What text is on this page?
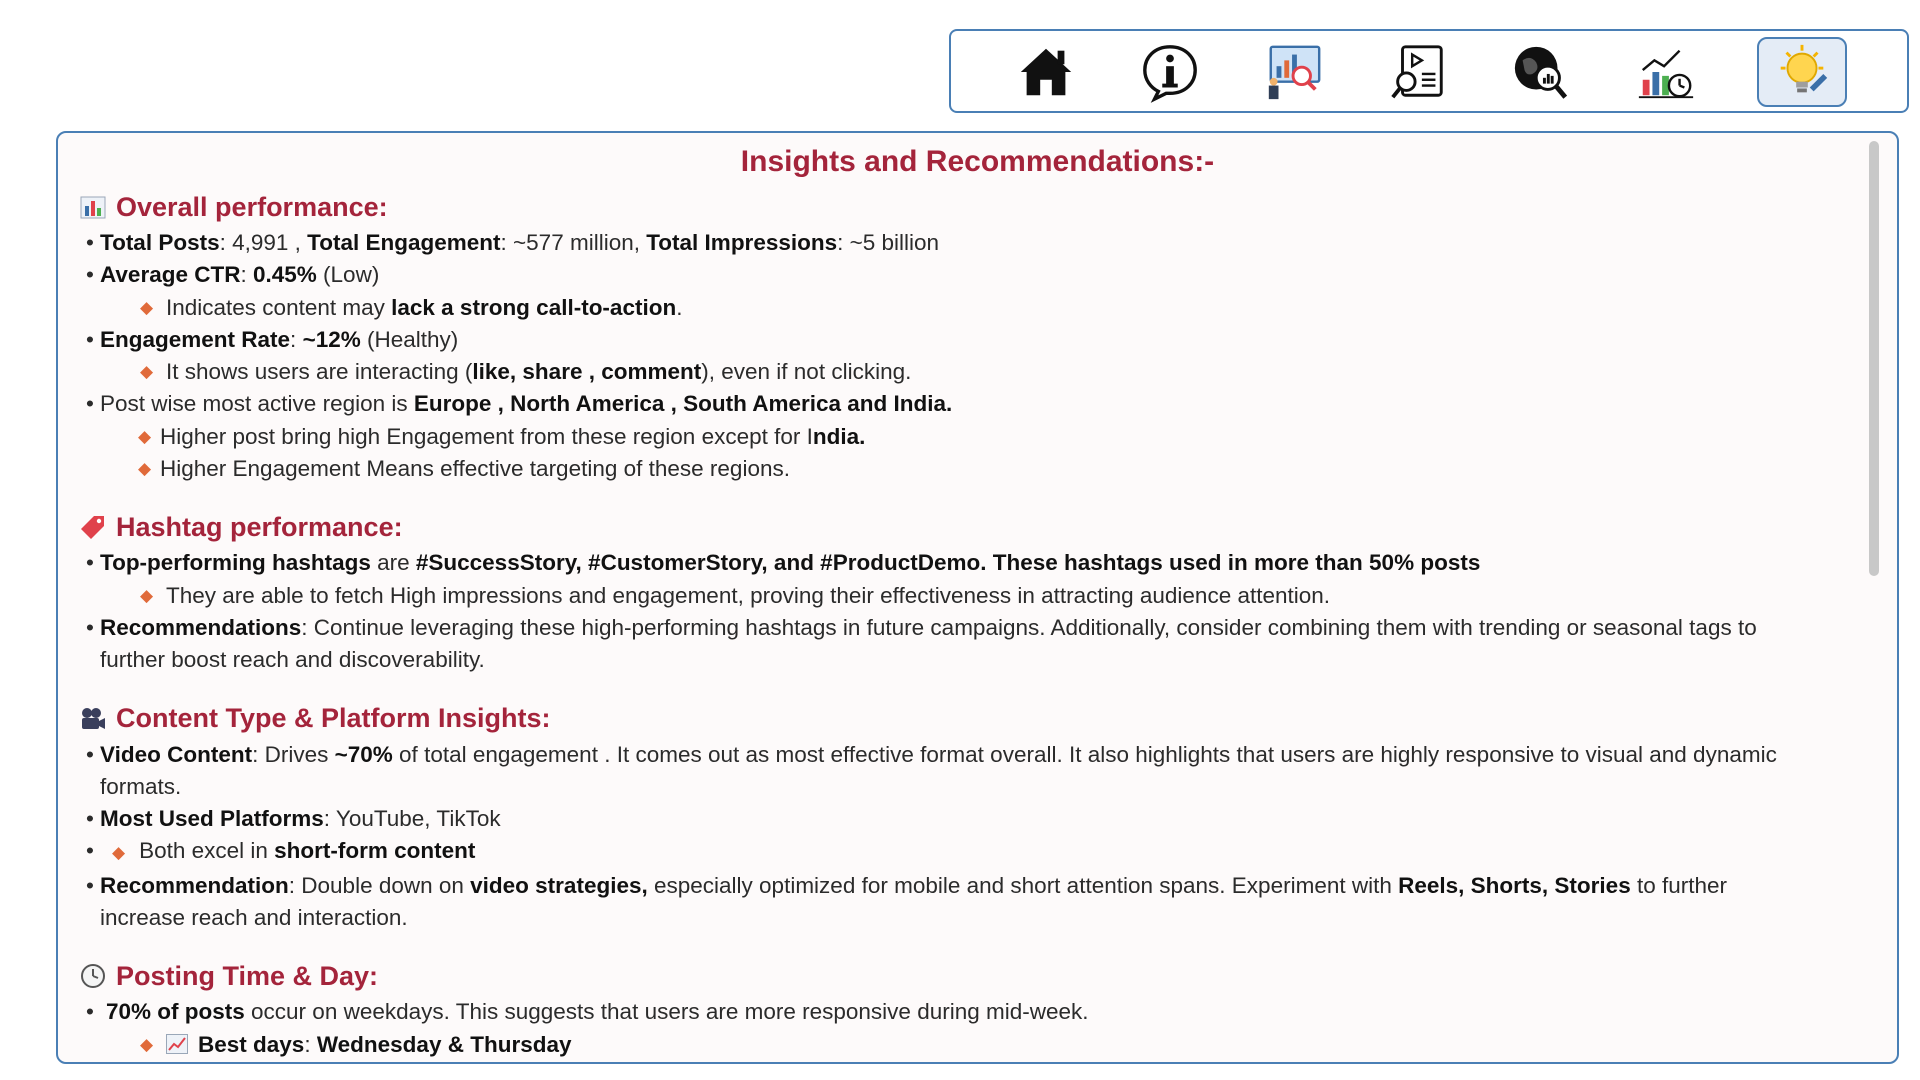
Insights and Recommendations:-
Overall performance:
• Total Posts: 4,991 , Total Engagement: ~577 million, Total Impressions: ~5 billion
• Average CTR: 0.45% (Low)
◆ Indicates content may lack a strong call-to-action.
• Engagement Rate: ~12% (Healthy)
◆ It shows users are interacting (like, share , comment), even if not clicking.
• Post wise most active region is Europe , North America , South America and India.
◆ Higher post bring high Engagement from these region except for India.
◆ Higher Engagement Means effective targeting of these regions.
Hashtag performance:
• Top-performing hashtags are #SuccessStory, #CustomerStory, and #ProductDemo. These hashtags used in more than 50% posts
◆ They are able to fetch High impressions and engagement, proving their effectiveness in attracting audience attention.
• Recommendations: Continue leveraging these high-performing hashtags in future campaigns. Additionally, consider combining them with trending or seasonal tags to
further boost reach and discoverability.
Content Type & Platform Insights:
• Video Content: Drives ~70% of total engagement . It comes out as most effective format overall. It also highlights that users are highly responsive to visual and dynamic
formats.
• Most Used Platforms: YouTube, TikTok
• ◆ Both excel in short-form content
• Recommendation: Double down on video strategies, especially optimized for mobile and short attention spans. Experiment with Reels, Shorts, Stories to further
increase reach and interaction.
Posting Time & Day:
• 70% of posts occur on weekdays. This suggests that users are more responsive during mid-week.
◆ Best days: Wednesday & Thursday
